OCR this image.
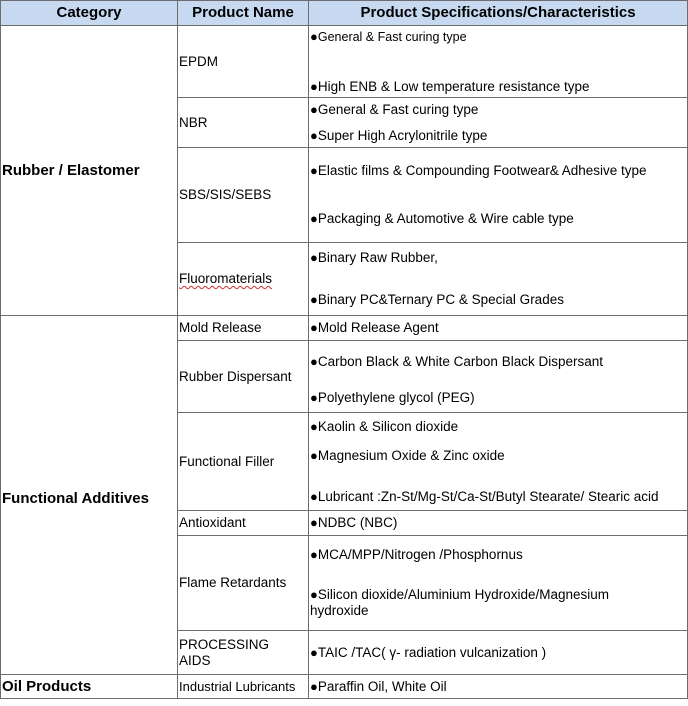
Category	Product Name	Product Specifications/Characteristics
Rubber / Elastomer	EPDM	●General & Fast curing type
●High ENB & Low temperature resistance type

	NBR	●General & Fast curing type
●Super High Acrylonitrile type

	SBS/SIS/SEBS	●Elastic films & Compounding Footwear& Adhesive type
●Packaging & Automotive & Wire cable type

	Fluoromaterials	●Binary Raw Rubber,
●Binary PC&Ternary PC & Special Grades

Functional Additives	Mold Release	●Mold Release Agent

	Rubber Dispersant	●Carbon Black & White Carbon Black Dispersant
●Polyethylene glycol (PEG)

	Functional Filler	●Kaolin & Silicon dioxide
●Magnesium Oxide & Zinc oxide
●Lubricant :Zn-St/Mg-St/Ca-St/Butyl Stearate/ Stearic acid

	Antioxidant	●NDBC (NBC)

	Flame Retardants	●MCA/MPP/Nitrogen /Phosphornus
●Silicon dioxide/Aluminium Hydroxide/Magnesium hydroxide

	PROCESSING AIDS	●TAIC /TAC( γ- radiation vulcanization )

Oil Products	Industrial Lubricants	●Paraffin Oil, White Oil
